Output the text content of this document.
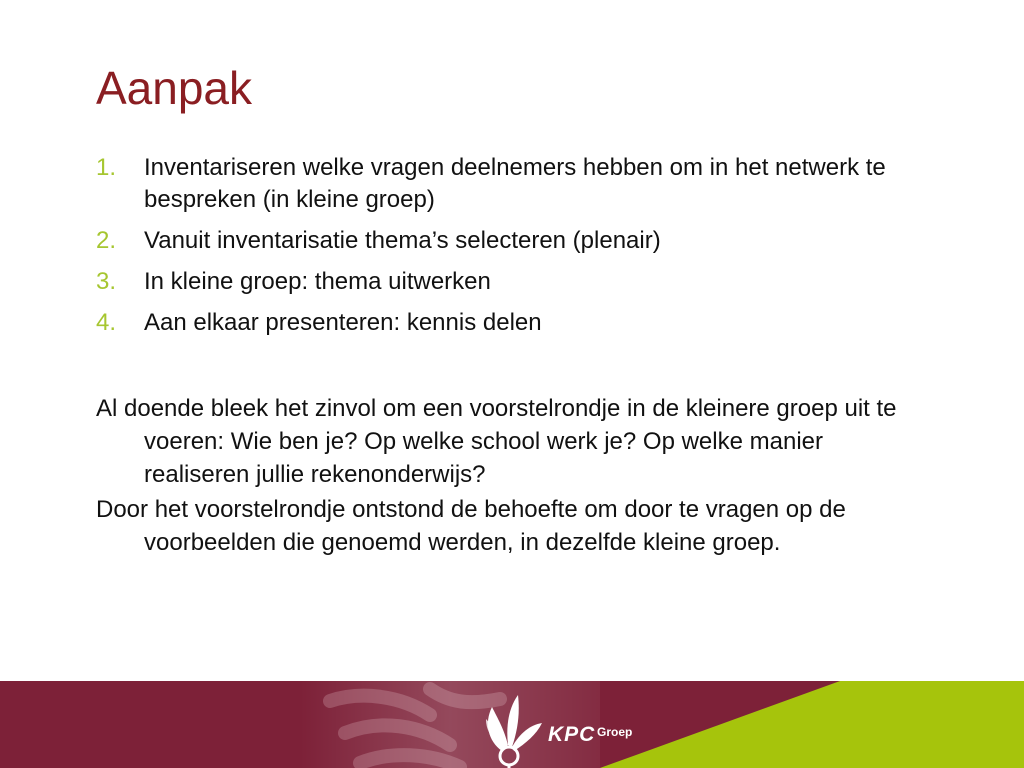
Aanpak
1. Inventariseren welke vragen deelnemers hebben om in het netwerk te bespreken (in kleine groep)
2. Vanuit inventarisatie thema’s selecteren (plenair)
3. In kleine groep: thema uitwerken
4. Aan elkaar presenteren: kennis delen

Al doende bleek het zinvol om een voorstelrondje in de kleinere groep uit te voeren: Wie ben je? Op welke school werk je? Op welke manier realiseren jullie rekenonderwijs?

Door het voorstelrondje ontstond de behoefte om door te vragen op de voorbeelden die genoemd werden, in dezelfde kleine groep.

KPC Groep
